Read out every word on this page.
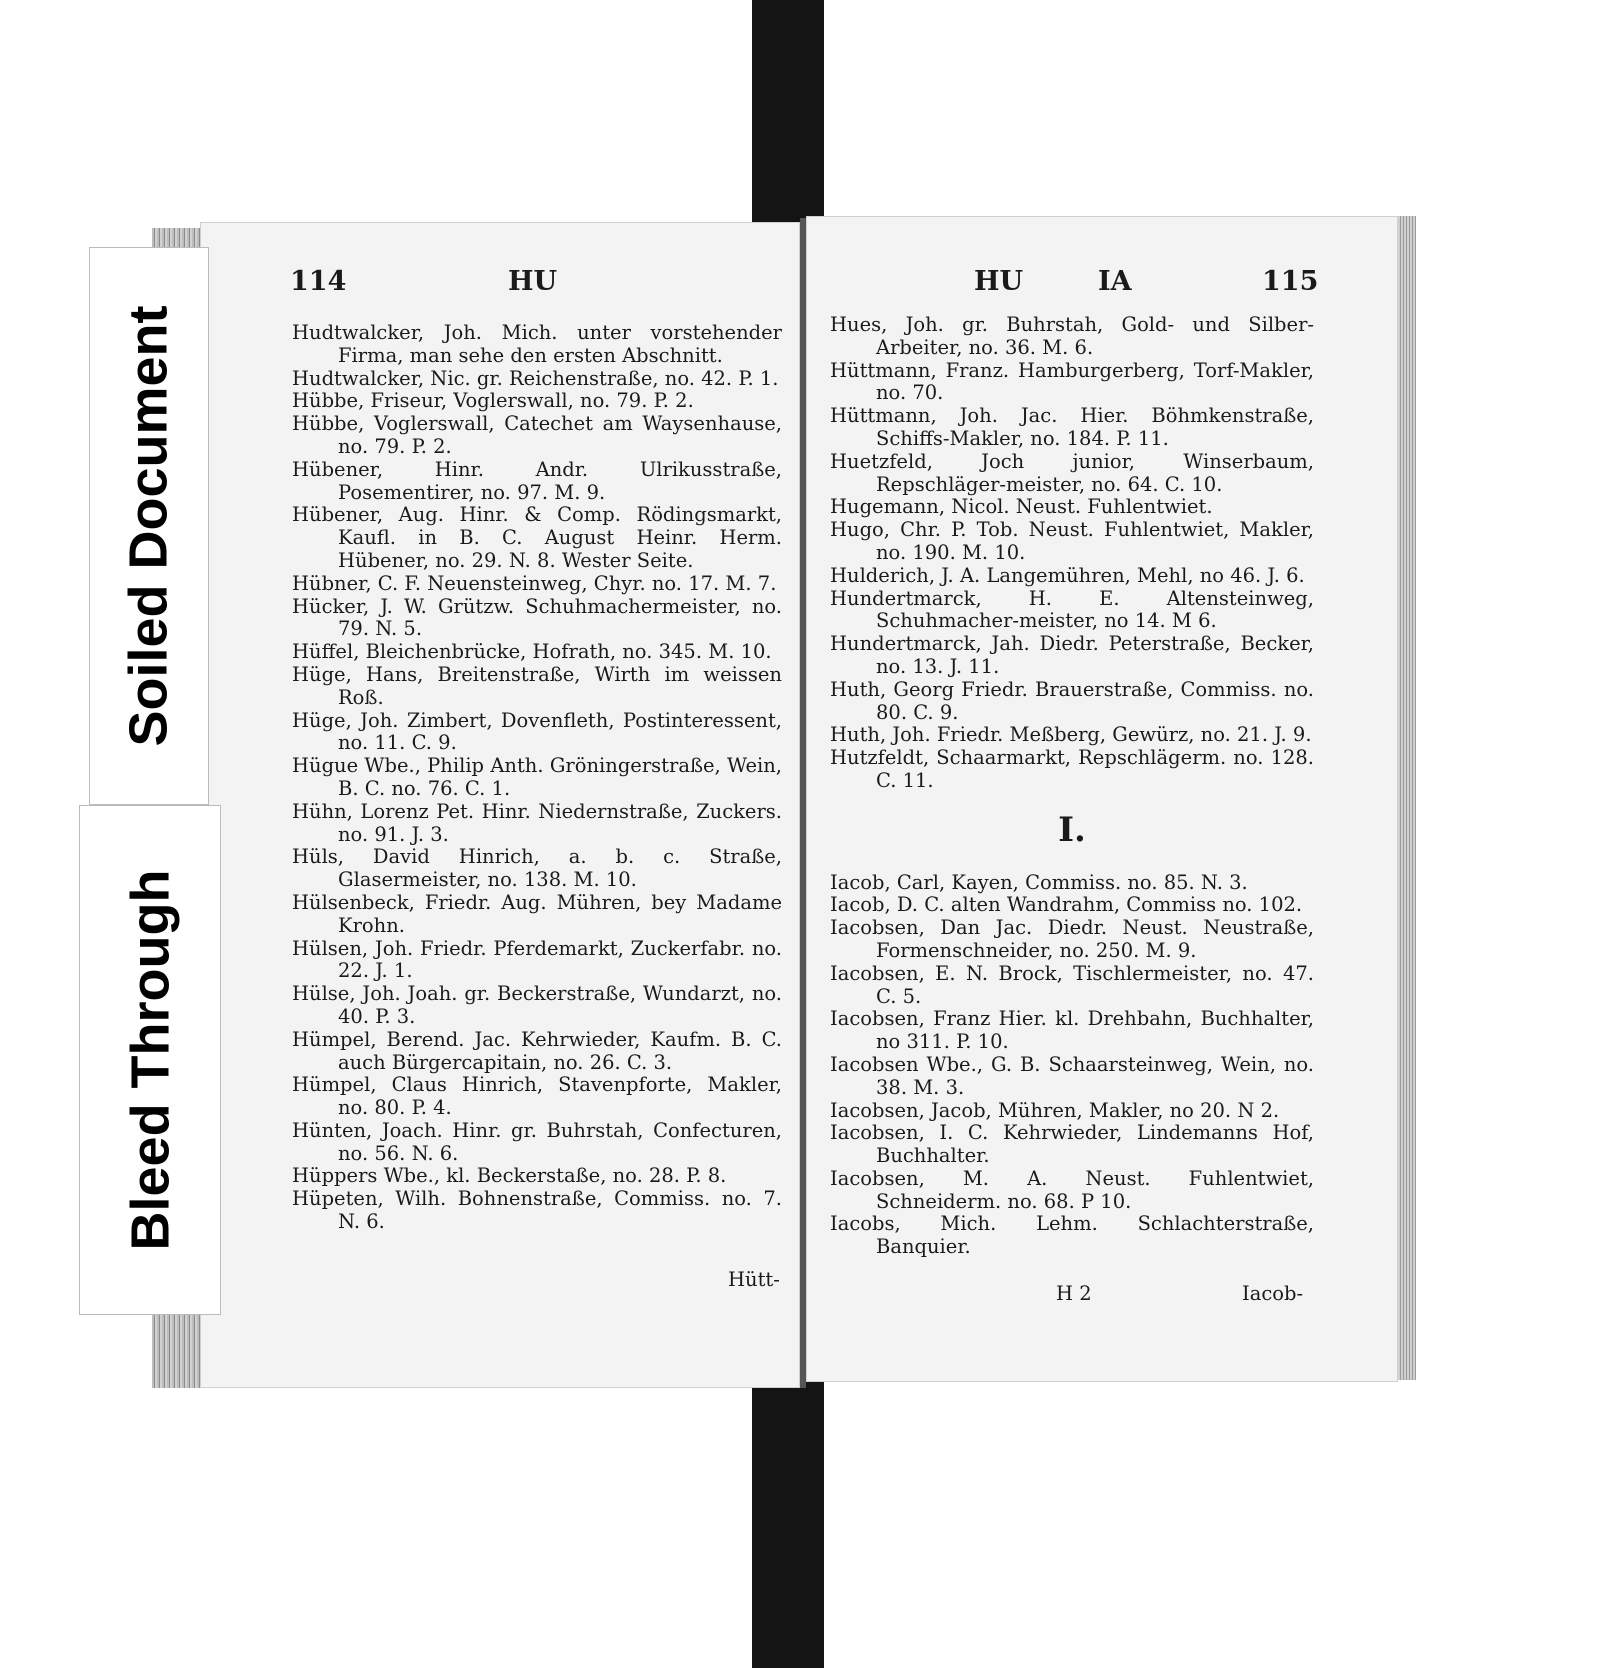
114	HU	HU	IA	115

Hudtwalcker, Joh. Mich. unter vorstehender Firma, man sehe den ersten Abschnitt.

Hudtwalcker, Nic. gr. Reichenstraße, no. 42. P. 1.

Hübbe, Friseur, Voglerswall, no. 79. P. 2.

Hübbe, Voglerswall, Catechet am Waysenhause, no. 79. P. 2.

Hübener, Hinr. Andr. Ulrikusstraße, Posementirer, no. 97. M. 9.

Hübener, Aug. Hinr. & Comp. Rödingsmarkt, Kaufl. in B. C. August Heinr. Herm. Hübener, no. 29. N. 8. Wester Seite.

Hübner, C. F. Neuensteinweg, Chyr. no. 17. M. 7.

Hücker, J. W. Grützw. Schuhmachermeister, no. 79. N. 5.

Hüffel, Bleichenbrücke, Hofrath, no. 345. M. 10.

Hüge, Hans, Breitenstraße, Wirth im weissen Roß.

Hüge, Joh. Zimbert, Dovenfleth, Postinteressent, no. 11. C. 9.

Hügue Wbe., Philip Anth. Gröningerstraße, Wein, B. C. no. 76. C. 1.

Hühn, Lorenz Pet. Hinr. Niedernstraße, Zuckers. no. 91. J. 3.

Hüls, David Hinrich, a. b. c. Straße, Glasermeister, no. 138. M. 10.

Hülsenbeck, Friedr. Aug. Mühren, bey Madame Krohn.

Hülsen, Joh. Friedr. Pferdemarkt, Zuckerfabr. no. 22. J. 1.

Hülse, Joh. Joah. gr. Beckerstraße, Wundarzt, no. 40. P. 3.

Hümpel, Berend. Jac. Kehrwieder, Kaufm. B. C. auch Bürgercapitain, no. 26. C. 3.

Hümpel, Claus Hinrich, Stavenpforte, Makler, no. 80. P. 4.

Hünten, Joach. Hinr. gr. Buhrstah, Confecturen, no. 56. N. 6.

Hüppers Wbe., kl. Beckerstaße, no. 28. P. 8.

Hüpeten, Wilh. Bohnenstraße, Commiss. no. 7. N. 6.

Hütt-

Hues, Joh. gr. Buhrstah, Gold- und Silber-Arbeiter, no. 36. M. 6.

Hüttmann, Franz. Hamburgerberg, Torf-Makler, no. 70.

Hüttmann, Joh. Jac. Hier. Böhmkenstraße, Schiffs-Makler, no. 184. P. 11.

Huetzfeld, Joch junior, Winserbaum, Repschläger-meister, no. 64. C. 10.

Hugemann, Nicol. Neust. Fuhlentwiet.

Hugo, Chr. P. Tob. Neust. Fuhlentwiet, Makler, no. 190. M. 10.

Hulderich, J. A. Langemühren, Mehl, no 46. J. 6.

Hundertmarck, H. E. Altensteinweg, Schuhmacher-meister, no 14. M 6.

Hundertmarck, Jah. Diedr. Peterstraße, Becker, no. 13. J. 11.

Huth, Georg Friedr. Brauerstraße, Commiss. no. 80. C. 9.

Huth, Joh. Friedr. Meßberg, Gewürz, no. 21. J. 9.

Hutzfeldt, Schaarmarkt, Repschlägerm. no. 128. C. 11.

I.

Iacob, Carl, Kayen, Commiss. no. 85. N. 3.

Iacob, D. C. alten Wandrahm, Commiss no. 102.

Iacobsen, Dan Jac. Diedr. Neust. Neustraße, Formenschneider, no. 250. M. 9.

Iacobsen, E. N. Brock, Tischlermeister, no. 47. C. 5.

Iacobsen, Franz Hier. kl. Drehbahn, Buchhalter, no 311. P. 10.

Iacobsen Wbe., G. B. Schaarsteinweg, Wein, no. 38. M. 3.

Iacobsen, Jacob, Mühren, Makler, no 20. N 2.

Iacobsen, I. C. Kehrwieder, Lindemanns Hof, Buchhalter.

Iacobsen, M. A. Neust. Fuhlentwiet, Schneiderm. no. 68. P 10.

Iacobs, Mich. Lehm. Schlachterstraße, Banquier.

H 2	Iacob-
Soiled Document
Bleed Through
